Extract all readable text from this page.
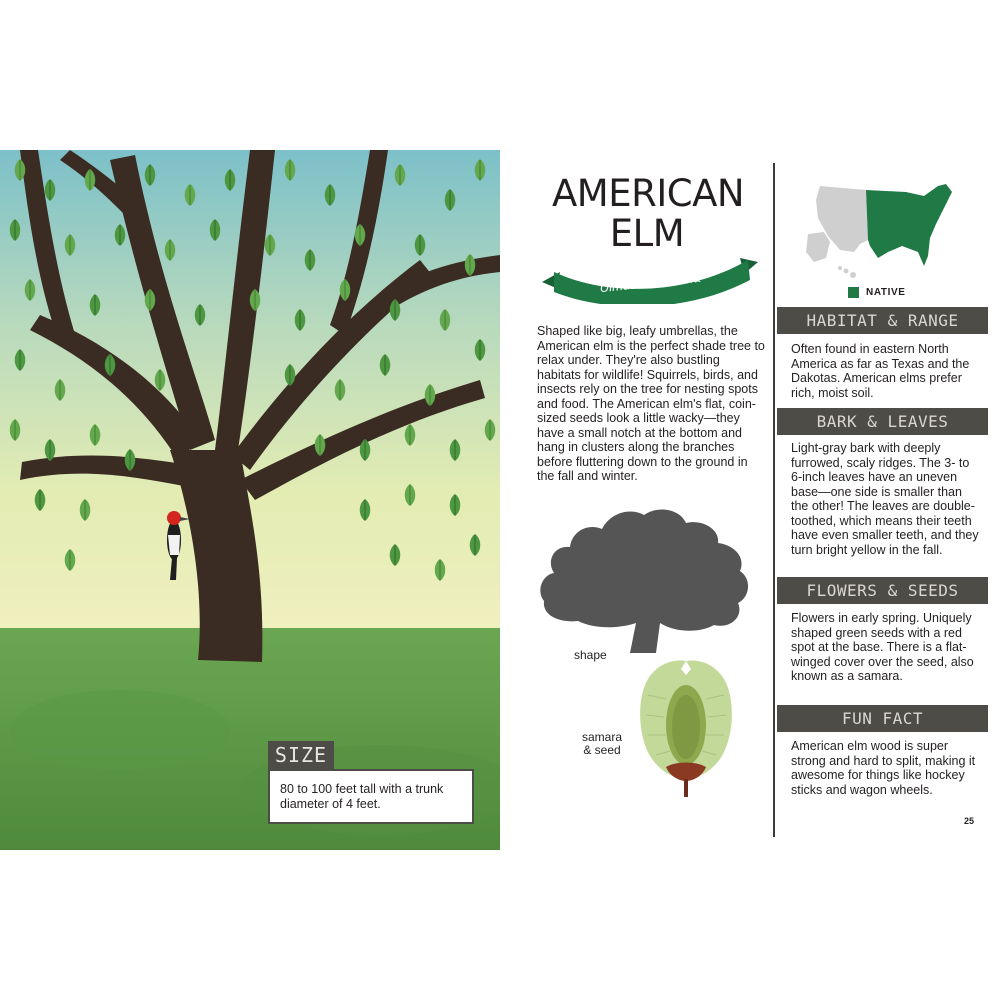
SIZE
80 to 100 feet tall with a trunk diameter of 4 feet.
AMERICAN
ELM
Ulmus americana
Shaped like big, leafy umbrellas, the American elm is the perfect shade tree to relax under. They're also bustling habitats for wildlife! Squirrels, birds, and insects rely on the tree for nesting spots and food. The American elm's flat, coin-sized seeds look a little wacky—they have a small notch at the bottom and hang in clusters along the branches before fluttering down to the ground in the fall and winter.
shape
samara
& seed
NATIVE
HABITAT & RANGE
Often found in eastern North America as far as Texas and the Dakotas. American elms prefer rich, moist soil.
BARK & LEAVES
Light-gray bark with deeply furrowed, scaly ridges. The 3- to 6-inch leaves have an uneven base—one side is smaller than the other! The leaves are double-toothed, which means their teeth have even smaller teeth, and they turn bright yellow in the fall.
FLOWERS & SEEDS
Flowers in early spring. Uniquely shaped green seeds with a red spot at the base. There is a flat-winged cover over the seed, also known as a samara.
FUN FACT
American elm wood is super strong and hard to split, making it awesome for things like hockey sticks and wagon wheels.
25
